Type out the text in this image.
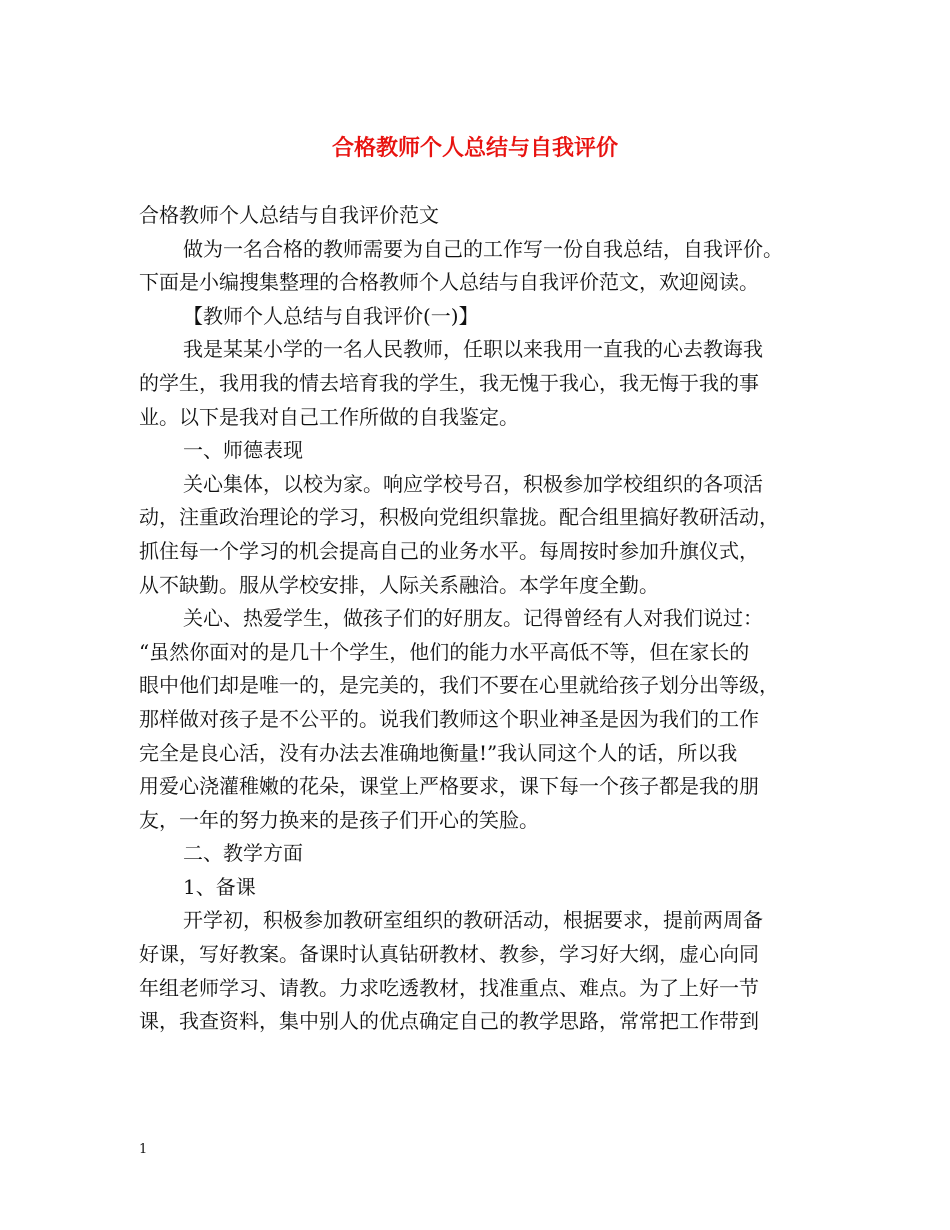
合格教师个人总结与自我评价

合格教师个人总结与自我评价范文

做为一名合格的教师需要为自己的工作写一份自我总结，自我评价。

下面是小编搜集整理的合格教师个人总结与自我评价范文，欢迎阅读。

【教师个人总结与自我评价(一)】

我是某某小学的一名人民教师，任职以来我用一直我的心去教诲我

的学生，我用我的情去培育我的学生，我无愧于我心，我无悔于我的事

业。以下是我对自己工作所做的自我鉴定。

一、师德表现

关心集体，以校为家。响应学校号召，积极参加学校组织的各项活

动，注重政治理论的学习，积极向党组织靠拢。配合组里搞好教研活动，

抓住每一个学习的机会提高自己的业务水平。每周按时参加升旗仪式，

从不缺勤。服从学校安排，人际关系融洽。本学年度全勤。

关心、热爱学生，做孩子们的好朋友。记得曾经有人对我们说过：

“虽然你面对的是几十个学生，他们的能力水平高低不等，但在家长的

眼中他们却是唯一的，是完美的，我们不要在心里就给孩子划分出等级，

那样做对孩子是不公平的。说我们教师这个职业神圣是因为我们的工作

完全是良心活，没有办法去准确地衡量!”我认同这个人的话，所以我

用爱心浇灌稚嫩的花朵，课堂上严格要求，课下每一个孩子都是我的朋

友，一年的努力换来的是孩子们开心的笑脸。

二、教学方面

1、备课

开学初，积极参加教研室组织的教研活动，根据要求，提前两周备

好课，写好教案。备课时认真钻研教材、教参，学习好大纲，虚心向同

年组老师学习、请教。力求吃透教材，找准重点、难点。为了上好一节

课，我查资料，集中别人的优点确定自己的教学思路，常常把工作带到

1
